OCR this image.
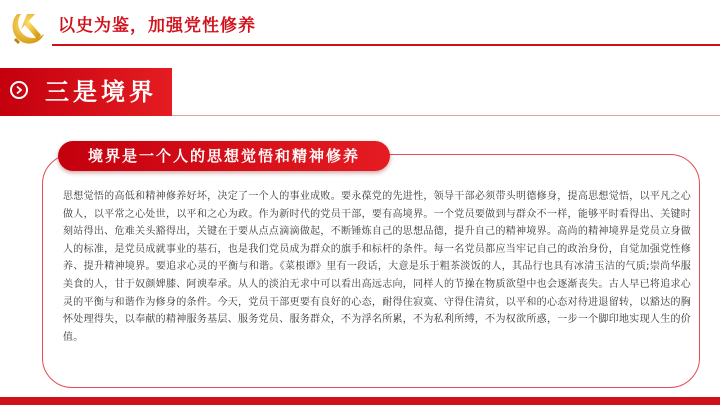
以史为鉴，加强党性修养
三是境界
境界是一个人的思想觉悟和精神修养
思想觉悟的高低和精神修养好坏，决定了一个人的事业成败。要永葆党的先进性，领导干部必须带头明德修身，提高思想觉悟，以平凡之心做人，以平常之心处世，以平和之心为政。作为新时代的党员干部，要有高境界。一个党员要做到与群众不一样，能够平时看得出、关键时刻站得出、危难关头豁得出，关键在于要从点点滴滴做起，不断锤炼自己的思想品德，提升自己的精神境界。高尚的精神境界是党员立身做人的标准，是党员成就事业的基石，也是我们党员成为群众的旗手和标杆的条件。每一名党员都应当牢记自己的政治身份，自觉加强党性修养、提升精神境界。要追求心灵的平衡与和谐。《菜根谭》里有一段话，大意是乐于粗茶淡饭的人，其品行也具有冰清玉洁的气质;崇尚华服美食的人，甘于奴颜婢膝、阿谀奉承。从人的淡泊无求中可以看出高远志向，同样人的节操在物质欲望中也会逐渐丧失。古人早已将追求心灵的平衡与和谐作为修身的条件。今天，党员干部更要有良好的心态，耐得住寂寞、守得住清贫，以平和的心态对待进退留转，以豁达的胸怀处理得失，以奉献的精神服务基层、服务党员、服务群众，不为浮名所累，不为私利所缚，不为权欲所惑，一步一个脚印地实现人生的价值。
